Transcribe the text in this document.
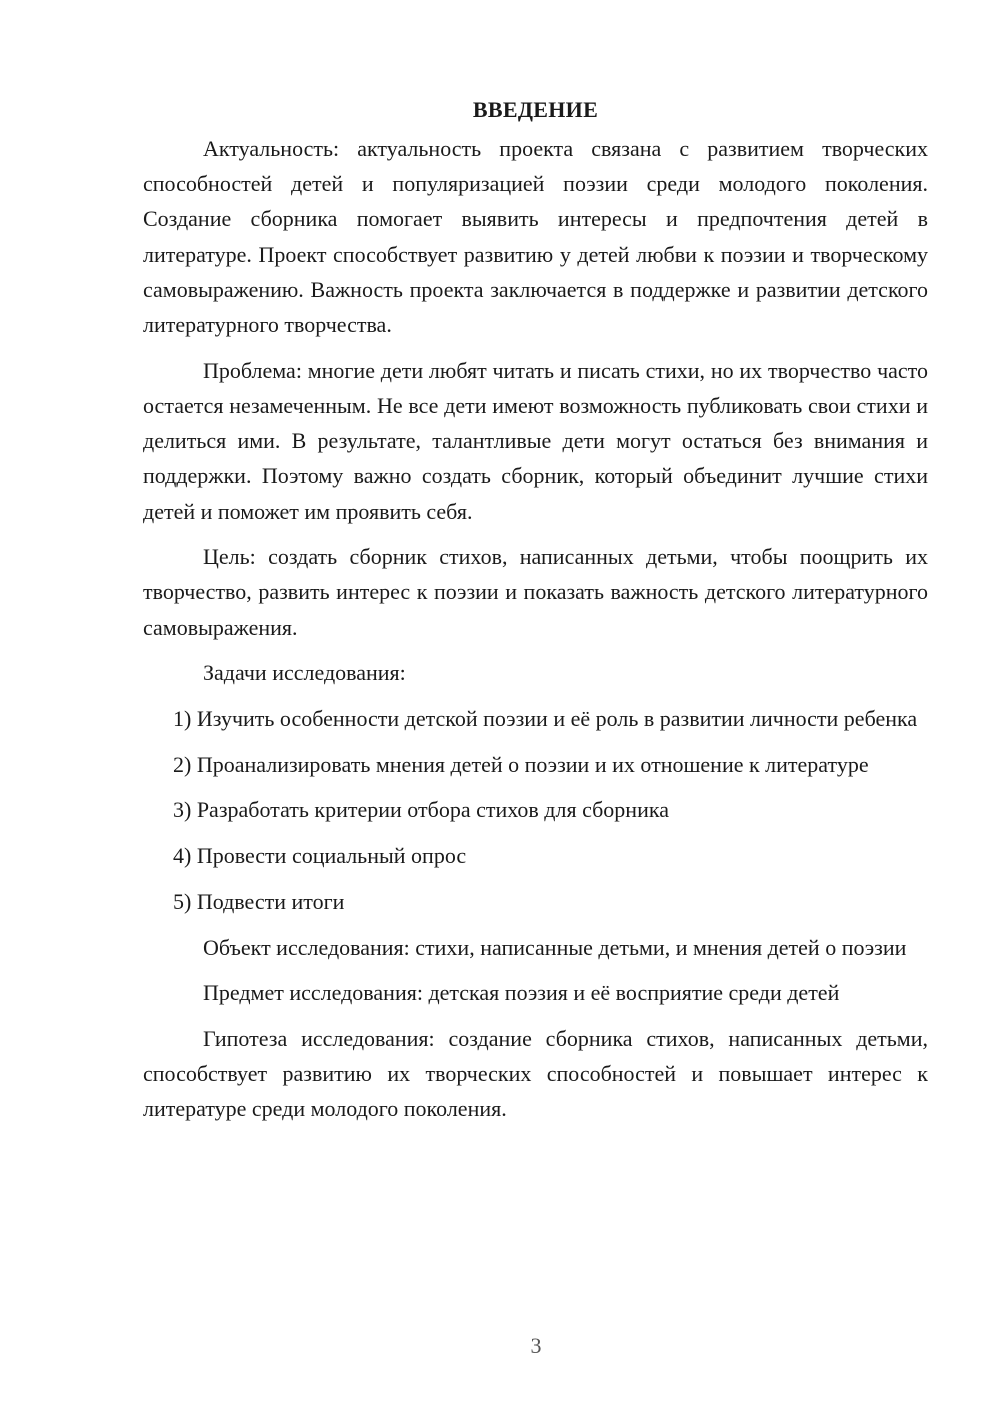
ВВЕДЕНИЕ

Актуальность: актуальность проекта связана с развитием творческих способностей детей и популяризацией поэзии среди молодого поколения. Создание сборника помогает выявить интересы и предпочтения детей в литературе. Проект способствует развитию у детей любви к поэзии и творческому самовыражению. Важность проекта заключается в поддержке и развитии детского литературного творчества.

Проблема: многие дети любят читать и писать стихи, но их творчество часто остается незамеченным. Не все дети имеют возможность публиковать свои стихи и делиться ими. В результате, талантливые дети могут остаться без внимания и поддержки. Поэтому важно создать сборник, который объединит лучшие стихи детей и поможет им проявить себя.

Цель: создать сборник стихов, написанных детьми, чтобы поощрить их творчество, развить интерес к поэзии и показать важность детского литературного самовыражения.

Задачи исследования:

1) Изучить особенности детской поэзии и её роль в развитии личности ребенка

2) Проанализировать мнения детей о поэзии и их отношение к литературе

3) Разработать критерии отбора стихов для сборника

4) Провести социальный опрос

5) Подвести итоги

Объект исследования: стихи, написанные детьми, и мнения детей о поэзии

Предмет исследования: детская поэзия и её восприятие среди детей

Гипотеза исследования: создание сборника стихов, написанных детьми, способствует развитию их творческих способностей и повышает интерес к литературе среди молодого поколения.

3
